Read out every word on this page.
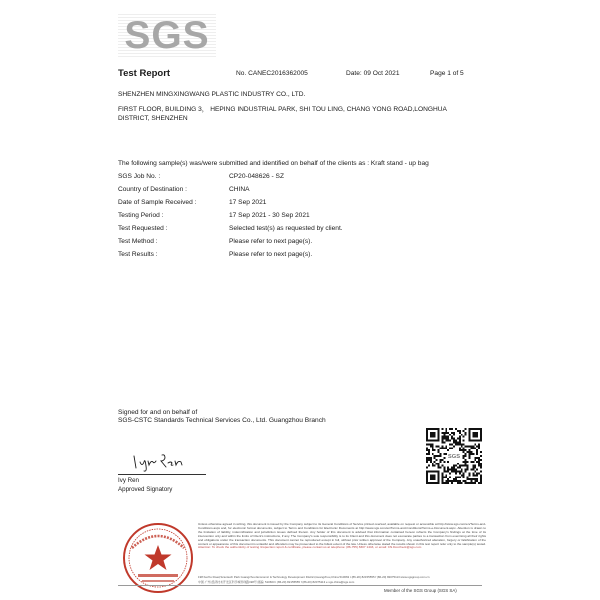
SGS
Test Report	No. CANEC2016362005	Date: 09 Oct 2021	Page 1 of 5
SHENZHEN MINGXINGWANG PLASTIC INDUSTRY CO., LTD.
FIRST FLOOR, BUILDING 3， HEPING INDUSTRIAL PARK, SHI TOU LING, CHANG YONG ROAD,LONGHUA
DISTRICT, SHENZHEN
The following sample(s) was/were submitted and identified on behalf of the clients as : Kraft stand - up bag
SGS Job No. :	CP20-048626 - SZ
Country of Destination :	CHINA
Date of Sample Received :	17 Sep 2021
Testing Period :	17 Sep 2021 - 30 Sep 2021
Test Requested :	Selected test(s) as requested by client.
Test Method :	Please refer to next page(s).
Test Results :	Please refer to next page(s).
Signed for and on behalf of
SGS-CSTC Standards Technical Services Co., Ltd. Guangzhou Branch
Ivy Ren
Approved Signatory
SGS
Unless otherwise agreed in writing, this document is issued by the Company subject to its General Conditions of Service printed overleaf, available on request or accessible at http://www.sgs.com/en/Terms-and-Conditions.aspx and, for electronic format documents, subject to Terms and Conditions for Electronic Documents at http://www.sgs.com/en/Terms-and-Conditions/Terms-e-Document.aspx. Attention is drawn to the limitation of liability, indemnification and jurisdiction issues defined therein. Any holder of this document is advised that information contained hereon reflects the Company's findings at the time of its intervention only and within the limits of Client's instructions, if any. The Company's sole responsibility is to its Client and this document does not exonerate parties to a transaction from exercising all their rights and obligations under the transaction documents. This document cannot be reproduced except in full, without prior written approval of the Company. Any unauthorized alteration, forgery or falsification of the content or appearance of this document is unlawful and offenders may be prosecuted to the fullest extent of the law. Unless otherwise stated the results shown in this test report refer only to the sample(s) tested. Attention: To check the authenticity of testing /inspection report & certificate, please contact us at telephone: (86-755) 8307 1443, or email: CN.Doccheck@sgs.com
198 Kezhu Road,Scientech Park Guangzhou Economic & Technology Development District,Guangzhou,China 510663 t (86-20) 82155555 f (86-20) 82075113 www.sgsgroup.com.cn
中国·广州·经济技术开发区科学城科珠路198号 邮编: 510663 t (86-20) 82155555 f (86-20) 82075113 e sgs.china@sgs.com
Member of the SGS Group (SGS SA)
